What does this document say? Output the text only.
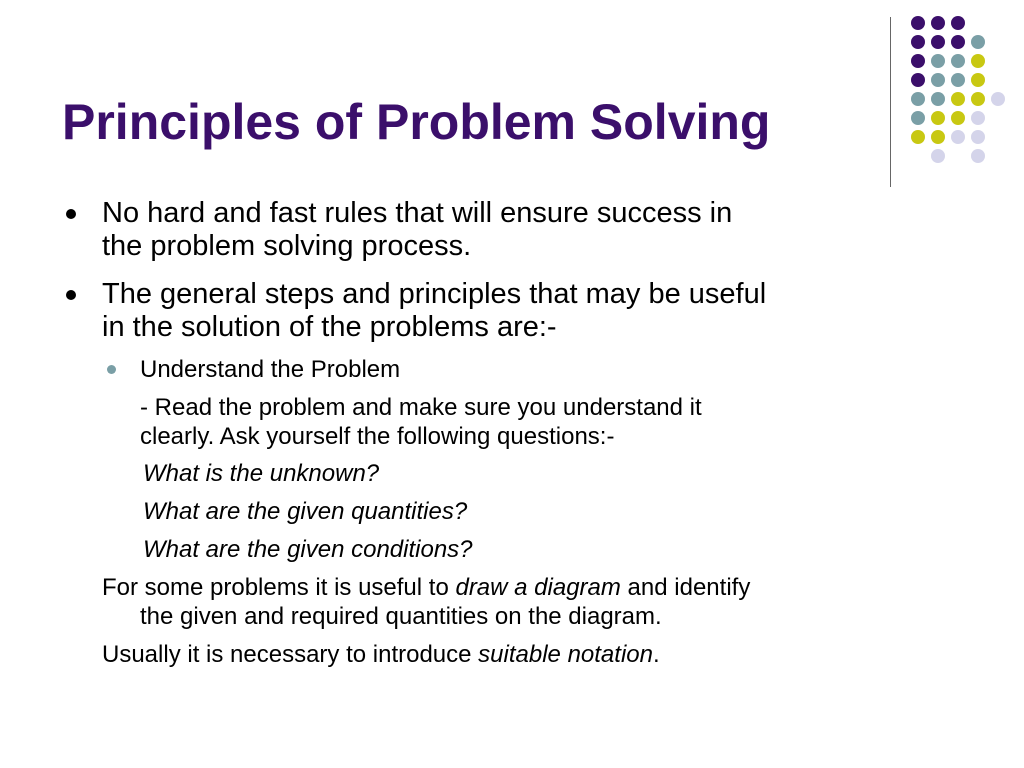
Principles of Problem Solving
No hard and fast rules that will ensure success in
the problem solving process.
The general steps and principles that may be useful
in the solution of the problems are:-
Understand the Problem
- Read the problem and make sure you understand it
clearly. Ask yourself the following questions:-
What is the unknown?
What are the given quantities?
What are the given conditions?
For some problems it is useful to draw a diagram and identify
the given and required quantities on the diagram.
Usually it is necessary to introduce suitable notation.
